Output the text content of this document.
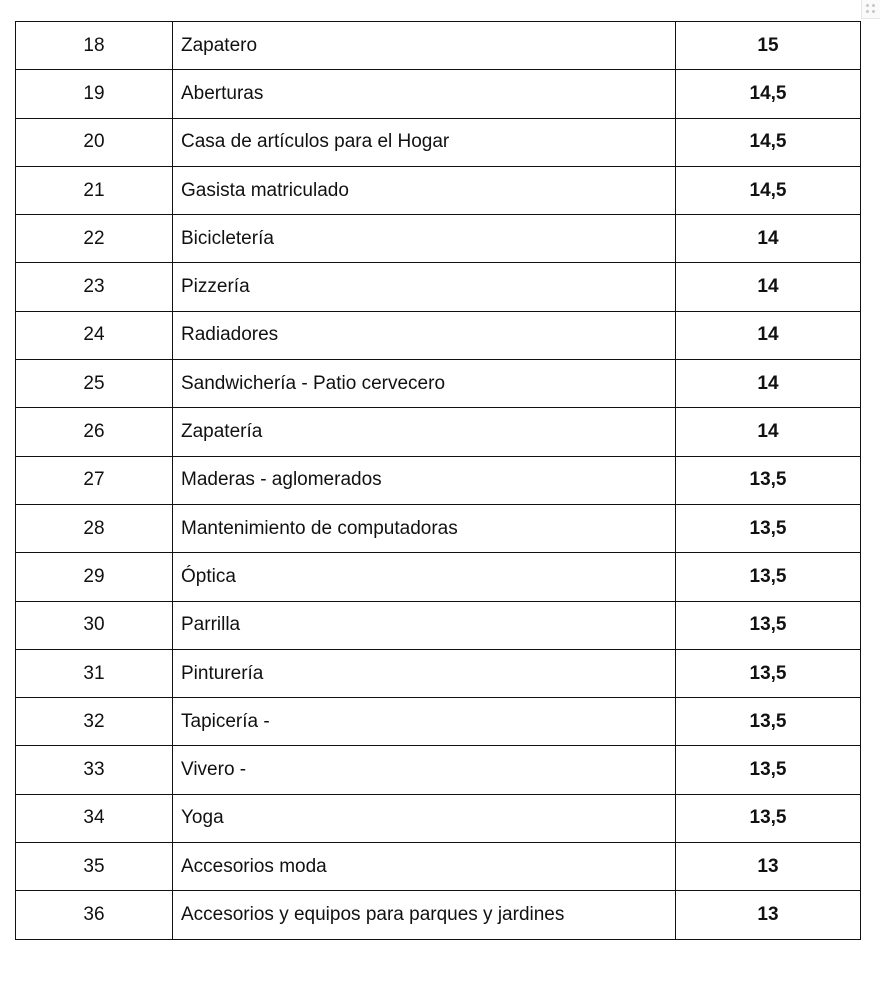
18	Zapatero	15
19	Aberturas	14,5
20	Casa de artículos para el Hogar	14,5
21	Gasista matriculado	14,5
22	Bicicletería	14
23	Pizzería	14
24	Radiadores	14
25	Sandwichería - Patio cervecero	14
26	Zapatería	14
27	Maderas - aglomerados	13,5
28	Mantenimiento de computadoras	13,5
29	Óptica	13,5
30	Parrilla	13,5
31	Pinturería	13,5
32	Tapicería -	13,5
33	Vivero -	13,5
34	Yoga	13,5
35	Accesorios moda	13
36	Accesorios y equipos para parques y jardines	13
